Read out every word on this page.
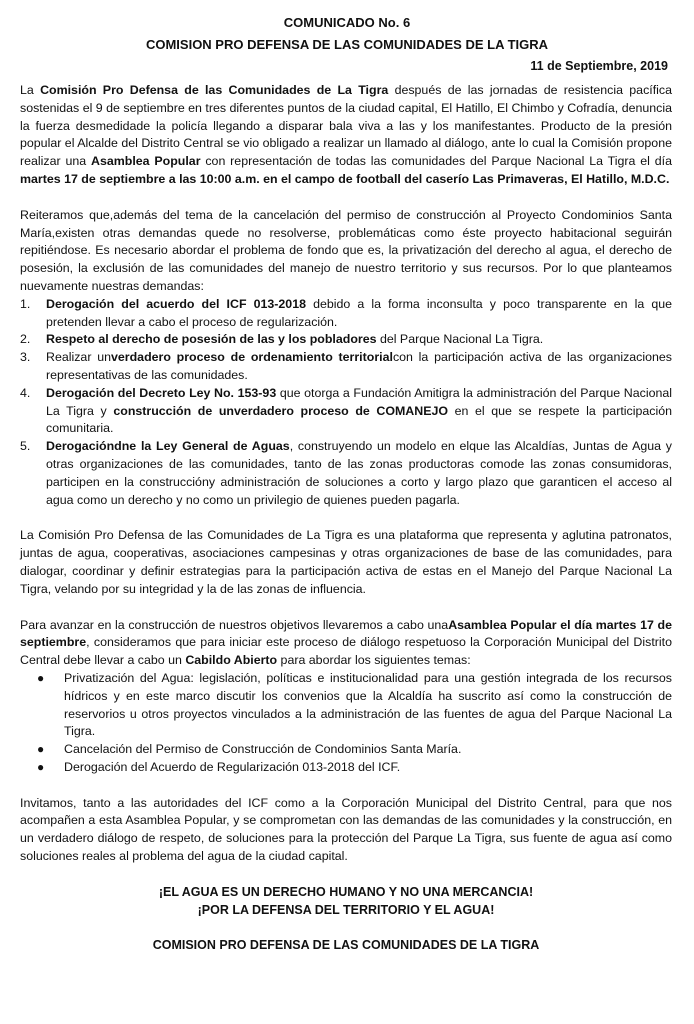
COMUNICADO No. 6
COMISION PRO DEFENSA DE LAS COMUNIDADES DE LA TIGRA
11 de Septiembre, 2019

La Comisión Pro Defensa de las Comunidades de La Tigra después de las jornadas de resistencia pacífica sostenidas el 9 de septiembre en tres diferentes puntos de la ciudad capital, El Hatillo, El Chimbo y Cofradía, denuncia la fuerza desmedidade la policía llegando a disparar bala viva a las y los manifestantes. Producto de la presión popular el Alcalde del Distrito Central se vio obligado a realizar un llamado al diálogo, ante lo cual la Comisión propone realizar una Asamblea Popular con representación de todas las comunidades del Parque Nacional La Tigra el día martes 17 de septiembre a las 10:00 a.m. en el campo de football del caserío Las Primaveras, El Hatillo, M.D.C.

Reiteramos que,además del tema de la cancelación del permiso de construcción al Proyecto Condominios Santa María,existen otras demandas quede no resolverse, problemáticas como éste proyecto habitacional seguirán repitiéndose. Es necesario abordar el problema de fondo que es, la privatización del derecho al agua, el derecho de posesión, la exclusión de las comunidades del manejo de nuestro territorio y sus recursos. Por lo que planteamos nuevamente nuestras demandas:

1. Derogación del acuerdo del ICF 013-2018 debido a la forma inconsulta y poco transparente en la que pretenden llevar a cabo el proceso de regularización.
2. Respeto al derecho de posesión de las y los pobladores del Parque Nacional La Tigra.
3. Realizar unverdadero proceso de ordenamiento territorialcon la participación activa de las organizaciones representativas de las comunidades.
4. Derogación del Decreto Ley No. 153-93 que otorga a Fundación Amitigra la administración del Parque Nacional La Tigra y construcción de unverdadero proceso de COMANEJO en el que se respete la participación comunitaria.
5. Derogacióndne la Ley General de Aguas, construyendo un modelo en elque las Alcaldías, Juntas de Agua y otras organizaciones de las comunidades, tanto de las zonas productoras comode las zonas consumidoras, participen en la construccióny administración de soluciones a corto y largo plazo que garanticen el acceso al agua como un derecho y no como un privilegio de quienes pueden pagarla.

La Comisión Pro Defensa de las Comunidades de La Tigra es una plataforma que representa y aglutina patronatos, juntas de agua, cooperativas, asociaciones campesinas y otras organizaciones de base de las comunidades, para dialogar, coordinar y definir estrategias para la participación activa de estas en el Manejo del Parque Nacional La Tigra, velando por su integridad y la de las zonas de influencia.

Para avanzar en la construcción de nuestros objetivos llevaremos a cabo unaAsamblea Popular el día martes 17 de septiembre, consideramos que para iniciar este proceso de diálogo respetuoso la Corporación Municipal del Distrito Central debe llevar a cabo un Cabildo Abierto para abordar los siguientes temas:

● Privatización del Agua: legislación, políticas e institucionalidad para una gestión integrada de los recursos hídricos y en este marco discutir los convenios que la Alcaldía ha suscrito así como la construcción de reservorios u otros proyectos vinculados a la administración de las fuentes de agua del Parque Nacional La Tigra.
● Cancelación del Permiso de Construcción de Condominios Santa María.
● Derogación del Acuerdo de Regularización 013-2018 del ICF.

Invitamos, tanto a las autoridades del ICF como a la Corporación Municipal del Distrito Central, para que nos acompañen a esta Asamblea Popular, y se comprometan con las demandas de las comunidades y la construcción, en un verdadero diálogo de respeto, de soluciones para la protección del Parque La Tigra, sus fuente de agua así como soluciones reales al problema del agua de la ciudad capital.

¡EL AGUA ES UN DERECHO HUMANO Y NO UNA MERCANCIA!
¡POR LA DEFENSA DEL TERRITORIO Y EL AGUA!
COMISION PRO DEFENSA DE LAS COMUNIDADES DE LA TIGRA
